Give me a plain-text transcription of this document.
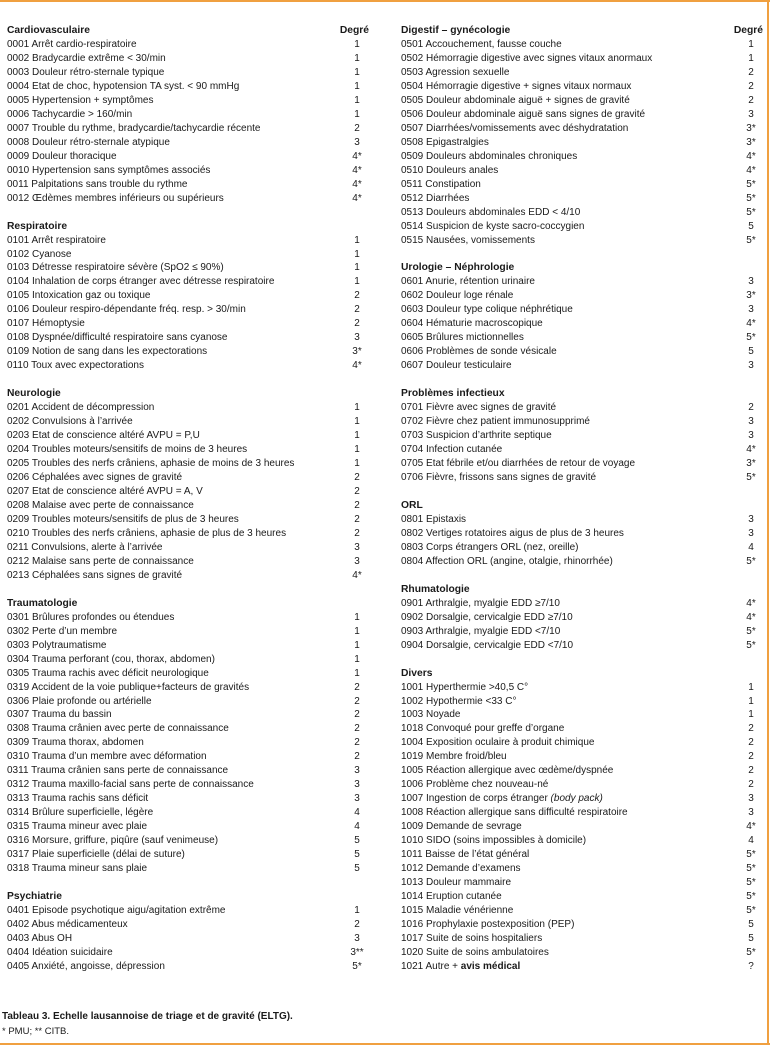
Cardiovasculaire	Degré
0001 Arrêt cardio-respiratoire	1
0002 Bradycardie extrême < 30/min	1
0003 Douleur rétro-sternale typique	1
0004 Etat de choc, hypotension TA syst. < 90 mmHg	1
0005 Hypertension + symptômes	1
0006 Tachycardie > 160/min	1
0007 Trouble du rythme, bradycardie/tachycardie récente	2
0008 Douleur rétro-sternale atypique	3
0009 Douleur thoracique	4*
0010 Hypertension sans symptômes associés	4*
0011 Palpitations sans trouble du rythme	4*
0012 Œdèmes membres inférieurs ou supérieurs	4*
Respiratoire
0101 Arrêt respiratoire	1
0102 Cyanose	1
0103 Détresse respiratoire sévère (SpO2 ≤ 90%)	1
0104 Inhalation de corps étranger avec détresse respiratoire	1
0105 Intoxication gaz ou toxique	2
0106 Douleur respiro-dépendante fréq. resp. > 30/min	2
0107 Hémoptysie	2
0108 Dyspnée/difficulté respiratoire sans cyanose	3
0109 Notion de sang dans les expectorations	3*
0110 Toux avec expectorations	4*
Neurologie
0201 Accident de décompression	1
0202 Convulsions à l’arrivée	1
0203 Etat de conscience altéré AVPU = P,U	1
0204 Troubles moteurs/sensitifs de moins de 3 heures	1
0205 Troubles des nerfs crâniens, aphasie de moins de 3 heures	1
0206 Céphalées avec signes de gravité	2
0207 Etat de conscience altéré AVPU = A, V	2
0208 Malaise avec perte de connaissance	2
0209 Troubles moteurs/sensitifs de plus de 3 heures	2
0210 Troubles des nerfs crâniens, aphasie de plus de 3 heures	2
0211 Convulsions, alerte à l’arrivée	3
0212 Malaise sans perte de connaissance	3
0213 Céphalées sans signes de gravité	4*
Traumatologie
0301 Brûlures profondes ou étendues	1
0302 Perte d’un membre	1
0303 Polytraumatisme	1
0304 Trauma perforant (cou, thorax, abdomen)	1
0305 Trauma rachis avec déficit neurologique	1
0319 Accident de la voie publique+facteurs de gravités	2
0306 Plaie profonde ou artérielle	2
0307 Trauma du bassin	2
0308 Trauma crânien avec perte de connaissance	2
0309 Trauma thorax, abdomen	2
0310 Trauma d’un membre avec déformation	2
0311 Trauma crânien sans perte de connaissance	3
0312 Trauma maxillo-facial sans perte de connaissance	3
0313 Trauma rachis sans déficit	3
0314 Brûlure superficielle, légère	4
0315 Trauma mineur avec plaie	4
0316 Morsure, griffure, piqûre (sauf venimeuse)	5
0317 Plaie superficielle (délai de suture)	5
0318 Trauma mineur sans plaie	5
Psychiatrie
0401 Episode psychotique aigu/agitation extrême	1
0402 Abus médicamenteux	2
0403 Abus OH	3
0404 Idéation suicidaire	3**
0405 Anxiété, angoisse, dépression	5*
Digestif – gynécologie	Degré
0501 Accouchement, fausse couche	1
0502 Hémorragie digestive avec signes vitaux anormaux	1
0503 Agression sexuelle	2
0504 Hémorragie digestive + signes vitaux normaux	2
0505 Douleur abdominale aiguë + signes de gravité	2
0506 Douleur abdominale aiguë sans signes de gravité	3
0507 Diarrhées/vomissements avec déshydratation	3*
0508 Epigastralgies	3*
0509 Douleurs abdominales chroniques	4*
0510 Douleurs anales	4*
0511 Constipation	5*
0512 Diarrhées	5*
0513 Douleurs abdominales EDD < 4/10	5*
0514 Suspicion de kyste sacro-coccygien	5
0515 Nausées, vomissements	5*
Urologie – Néphrologie
0601 Anurie, rétention urinaire	3
0602 Douleur loge rénale	3*
0603 Douleur type colique néphrétique	3
0604 Hématurie macroscopique	4*
0605 Brûlures mictionnelles	5*
0606 Problèmes de sonde vésicale	5
0607 Douleur testiculaire	3
Problèmes infectieux
0701 Fièvre avec signes de gravité	2
0702 Fièvre chez patient immunosupprimé	3
0703 Suspicion d’arthrite septique	3
0704 Infection cutanée	4*
0705 Etat fébrile et/ou diarrhées de retour de voyage	3*
0706 Fièvre, frissons sans signes de gravité	5*
ORL
0801 Epistaxis	3
0802 Vertiges rotatoires aigus de plus de 3 heures	3
0803 Corps étrangers ORL (nez, oreille)	4
0804 Affection ORL (angine, otalgie, rhinorrhée)	5*
Rhumatologie
0901 Arthralgie, myalgie EDD ≥7/10	4*
0902 Dorsalgie, cervicalgie EDD ≥7/10	4*
0903 Arthralgie, myalgie EDD <7/10	5*
0904 Dorsalgie, cervicalgie EDD <7/10	5*
Divers
1001 Hyperthermie >40,5 C°	1
1002 Hypothermie <33 C°	1
1003 Noyade	1
1018 Convoqué pour greffe d’organe	2
1004 Exposition oculaire à produit chimique	2
1019 Membre froid/bleu	2
1005 Réaction allergique avec œdème/dyspnée	2
1006 Problème chez nouveau-né	2
1007 Ingestion de corps étranger (body pack)	3
1008 Réaction allergique sans difficulté respiratoire	3
1009 Demande de sevrage	4*
1010 SIDO (soins impossibles à domicile)	4
1011 Baisse de l’état général	5*
1012 Demande d’examens	5*
1013 Douleur mammaire	5*
1014 Eruption cutanée	5*
1015 Maladie vénérienne	5*
1016 Prophylaxie postexposition (PEP)	5
1017 Suite de soins hospitaliers	5
1020 Suite de soins ambulatoires	5*
1021 Autre + avis médical	?
Tableau 3. Echelle lausannoise de triage et de gravité (ELTG).
* PMU; ** CITB.
